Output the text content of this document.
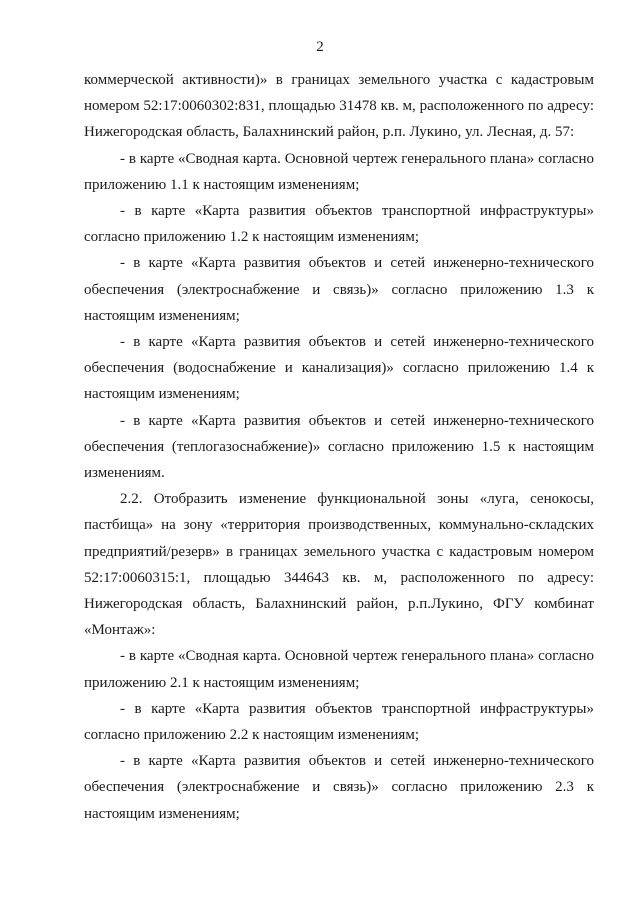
2

коммерческой активности)» в границах земельного участка с кадастровым номером 52:17:0060302:831, площадью 31478 кв. м, расположенного по адресу: Нижегородская область, Балахнинский район, р.п. Лукино, ул. Лесная, д. 57:

- в карте «Сводная карта. Основной чертеж генерального плана» согласно приложению 1.1 к настоящим изменениям;

- в карте «Карта развития объектов транспортной инфраструктуры» согласно приложению 1.2 к настоящим изменениям;

- в карте «Карта развития объектов и сетей инженерно-технического обеспечения (электроснабжение и связь)» согласно приложению 1.3 к настоящим изменениям;

- в карте «Карта развития объектов и сетей инженерно-технического обеспечения (водоснабжение и канализация)» согласно приложению 1.4 к настоящим изменениям;

- в карте «Карта развития объектов и сетей инженерно-технического обеспечения (теплогазоснабжение)» согласно приложению 1.5 к настоящим изменениям.

2.2. Отобразить изменение функциональной зоны «луга, сенокосы, пастбища» на зону «территория производственных, коммунально-складских предприятий/резерв» в границах земельного участка с кадастровым номером 52:17:0060315:1, площадью 344643 кв. м, расположенного по адресу: Нижегородская область, Балахнинский район, р.п.Лукино, ФГУ комбинат «Монтаж»:

- в карте «Сводная карта. Основной чертеж генерального плана» согласно приложению 2.1 к настоящим изменениям;

- в карте «Карта развития объектов транспортной инфраструктуры» согласно приложению 2.2 к настоящим изменениям;

- в карте «Карта развития объектов и сетей инженерно-технического обеспечения (электроснабжение и связь)» согласно приложению 2.3 к настоящим изменениям;
